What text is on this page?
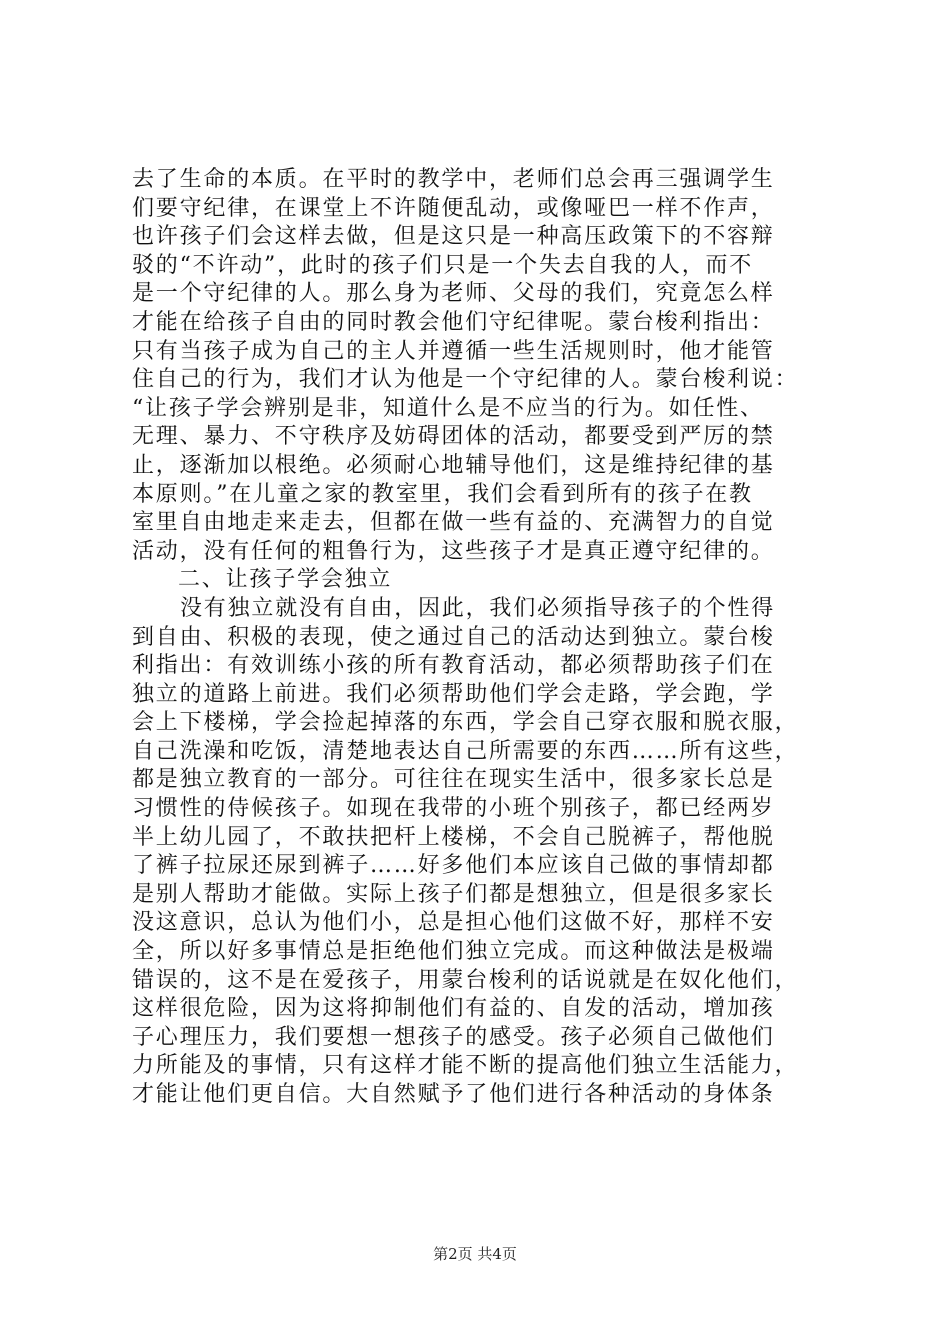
去了生命的本质。在平时的教学中，老师们总会再三强调学生
们要守纪律，在课堂上不许随便乱动，或像哑巴一样不作声，
也许孩子们会这样去做，但是这只是一种高压政策下的不容辩
驳的“不许动”，此时的孩子们只是一个失去自我的人，而不
是一个守纪律的人。那么身为老师、父母的我们，究竟怎么样
才能在给孩子自由的同时教会他们守纪律呢。蒙台梭利指出：
只有当孩子成为自己的主人并遵循一些生活规则时，他才能管
住自己的行为，我们才认为他是一个守纪律的人。蒙台梭利说：
“让孩子学会辨别是非，知道什么是不应当的行为。如任性、
无理、暴力、不守秩序及妨碍团体的活动，都要受到严厉的禁
止，逐渐加以根绝。必须耐心地辅导他们，这是维持纪律的基
本原则。”在儿童之家的教室里，我们会看到所有的孩子在教
室里自由地走来走去，但都在做一些有益的、充满智力的自觉
活动，没有任何的粗鲁行为，这些孩子才是真正遵守纪律的。
二、让孩子学会独立
没有独立就没有自由，因此，我们必须指导孩子的个性得
到自由、积极的表现，使之通过自己的活动达到独立。蒙台梭
利指出：有效训练小孩的所有教育活动，都必须帮助孩子们在
独立的道路上前进。我们必须帮助他们学会走路，学会跑，学
会上下楼梯，学会捡起掉落的东西，学会自己穿衣服和脱衣服，
自己洗澡和吃饭，清楚地表达自己所需要的东西……所有这些，
都是独立教育的一部分。可往往在现实生活中，很多家长总是
习惯性的侍候孩子。如现在我带的小班个别孩子，都已经两岁
半上幼儿园了，不敢扶把杆上楼梯，不会自己脱裤子，帮他脱
了裤子拉尿还尿到裤子……好多他们本应该自己做的事情却都
是别人帮助才能做。实际上孩子们都是想独立，但是很多家长
没这意识，总认为他们小，总是担心他们这做不好，那样不安
全，所以好多事情总是拒绝他们独立完成。而这种做法是极端
错误的，这不是在爱孩子，用蒙台梭利的话说就是在奴化他们，
这样很危险，因为这将抑制他们有益的、自发的活动，增加孩
子心理压力，我们要想一想孩子的感受。孩子必须自己做他们
力所能及的事情，只有这样才能不断的提高他们独立生活能力，
才能让他们更自信。大自然赋予了他们进行各种活动的身体条
第2页 共4页
